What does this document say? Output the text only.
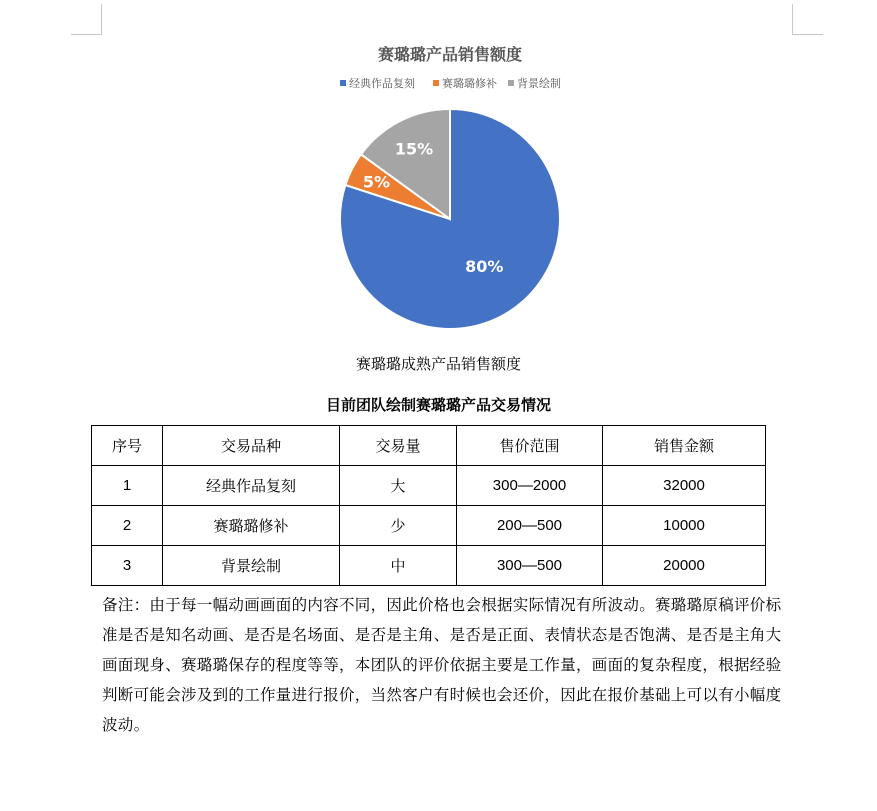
赛璐璐产品销售额度
经典作品复刻 赛璐璐修补 背景绘制
80%
5%
15%
赛璐璐成熟产品销售额度
目前团队绘制赛璐璐产品交易情况
序号	交易品种	交易量	售价范围	销售金额
1	经典作品复刻	大	300—2000	32000
2	赛璐璐修补	少	200—500	10000
3	背景绘制	中	300—500	20000

备注：由于每一幅动画画面的内容不同，因此价格也会根据实际情况有所波动。赛璐璐原稿评价标准是否是知名动画、是否是名场面、是否是主角、是否是正面、表情状态是否饱满、是否是主角大画面现身、赛璐璐保存的程度等等，本团队的评价依据主要是工作量，画面的复杂程度，根据经验判断可能会涉及到的工作量进行报价，当然客户有时候也会还价，因此在报价基础上可以有小幅度波动。
